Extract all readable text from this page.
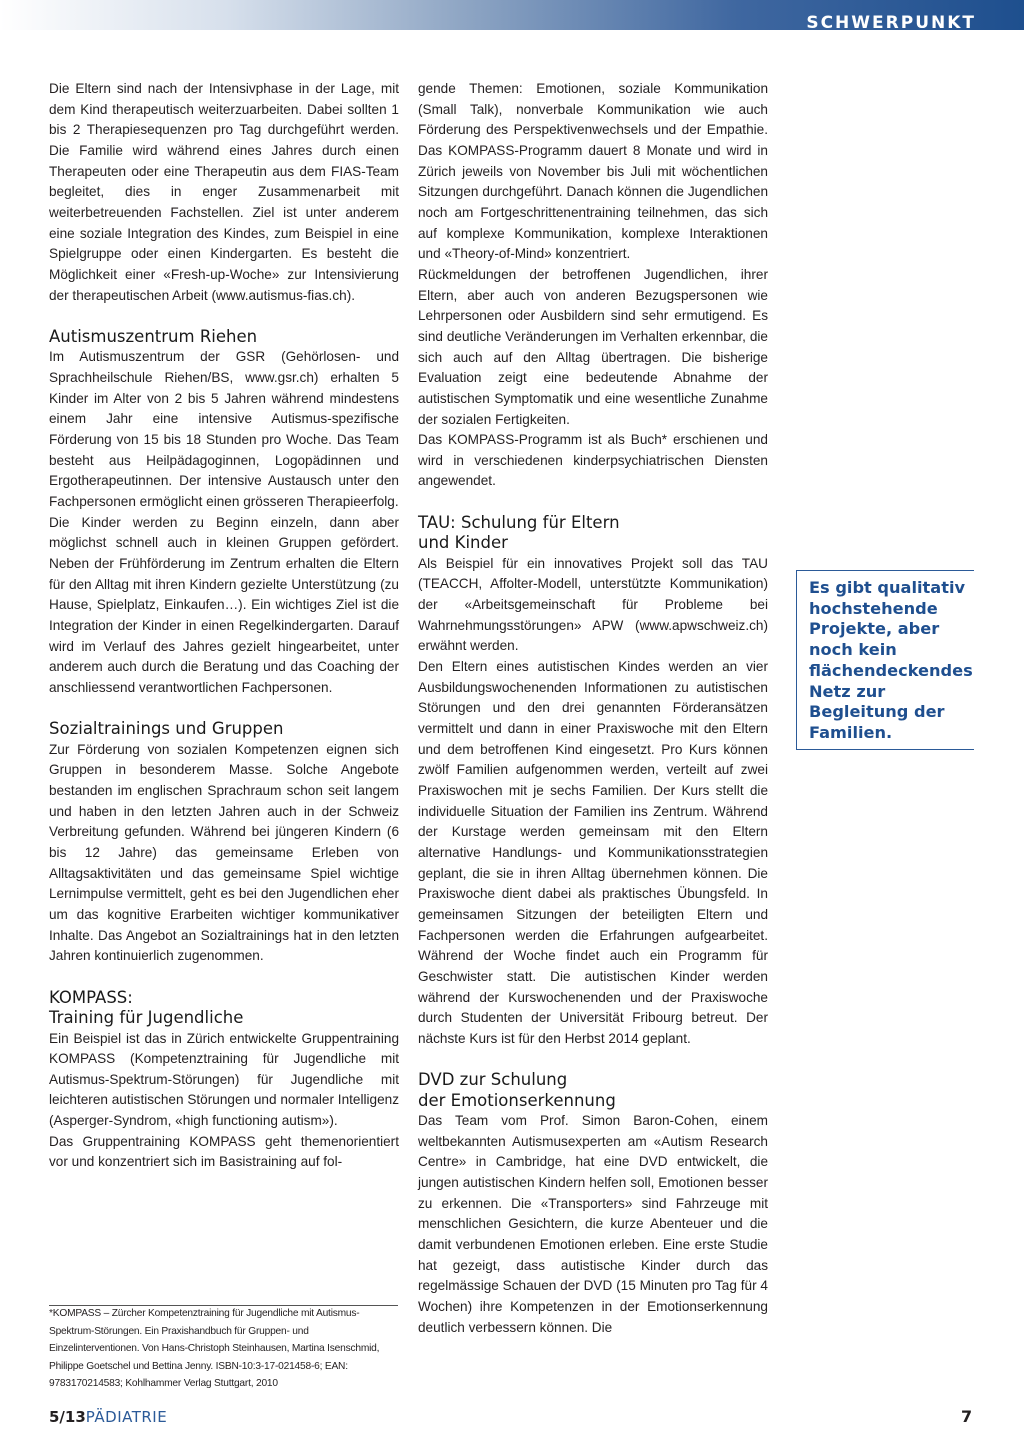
SCHWERPUNKT

Die Eltern sind nach der Intensivphase in der Lage, mit dem Kind therapeutisch weiterzuarbeiten. Dabei sollten 1 bis 2 Therapiesequenzen pro Tag durchgeführt werden. Die Familie wird während eines Jahres durch einen Therapeuten oder eine Therapeutin aus dem FIAS-Team begleitet, dies in enger Zusammenarbeit mit weiterbetreuenden Fachstellen. Ziel ist unter anderem eine soziale Integration des Kindes, zum Beispiel in eine Spielgruppe oder einen Kindergarten. Es besteht die Möglichkeit einer «Fresh-up-Woche» zur Intensivierung der therapeutischen Arbeit (www.autismus-fias.ch).

Autismuszentrum Riehen

Im Autismuszentrum der GSR (Gehörlosen- und Sprachheilschule Riehen/BS, www.gsr.ch) erhalten 5 Kinder im Alter von 2 bis 5 Jahren während mindestens einem Jahr eine intensive Autismus-spezifische Förderung von 15 bis 18 Stunden pro Woche. Das Team besteht aus Heilpädagoginnen, Logopädinnen und Ergotherapeutinnen. Der intensive Austausch unter den Fachpersonen ermöglicht einen grösseren Therapieerfolg.

Die Kinder werden zu Beginn einzeln, dann aber möglichst schnell auch in kleinen Gruppen gefördert. Neben der Frühförderung im Zentrum erhalten die Eltern für den Alltag mit ihren Kindern gezielte Unterstützung (zu Hause, Spielplatz, Einkaufen…). Ein wichtiges Ziel ist die Integration der Kinder in einen Regelkindergarten. Darauf wird im Verlauf des Jahres gezielt hingearbeitet, unter anderem auch durch die Beratung und das Coaching der anschliessend verantwortlichen Fachpersonen.

Sozialtrainings und Gruppen

Zur Förderung von sozialen Kompetenzen eignen sich Gruppen in besonderem Masse. Solche Angebote bestanden im englischen Sprachraum schon seit langem und haben in den letzten Jahren auch in der Schweiz Verbreitung gefunden. Während bei jüngeren Kindern (6 bis 12 Jahre) das gemeinsame Erleben von Alltagsaktivitäten und das gemeinsame Spiel wichtige Lernimpulse vermittelt, geht es bei den Jugendlichen eher um das kognitive Erarbeiten wichtiger kommunikativer Inhalte. Das Angebot an Sozialtrainings hat in den letzten Jahren kontinuierlich zugenommen.

KOMPASS:
Training für Jugendliche

Ein Beispiel ist das in Zürich entwickelte Gruppentraining KOMPASS (Kompetenztraining für Jugendliche mit Autismus-Spektrum-Störungen) für Jugendliche mit leichteren autistischen Störungen und normaler Intelligenz (Asperger-Syndrom, «high functioning autism»).

Das Gruppentraining KOMPASS geht themenorientiert vor und konzentriert sich im Basistraining auf fol-

*KOMPASS – Zürcher Kompetenztraining für Jugendliche mit Autismus-Spektrum-Störungen. Ein Praxishandbuch für Gruppen- und Einzelinterventionen. Von Hans-Christoph Steinhausen, Martina Isenschmid, Philippe Goetschel und Bettina Jenny. ISBN-10:3-17-021458-6; EAN: 9783170214583; Kohlhammer Verlag Stuttgart, 2010

gende Themen: Emotionen, soziale Kommunikation (Small Talk), nonverbale Kommunikation wie auch Förderung des Perspektivenwechsels und der Empathie. Das KOMPASS-Programm dauert 8 Monate und wird in Zürich jeweils von November bis Juli mit wöchentlichen Sitzungen durchgeführt. Danach können die Jugendlichen noch am Fortgeschrittenentraining teilnehmen, das sich auf komplexe Kommunikation, komplexe Interaktionen und «Theory-of-Mind» konzentriert.

Rückmeldungen der betroffenen Jugendlichen, ihrer Eltern, aber auch von anderen Bezugspersonen wie Lehrpersonen oder Ausbildern sind sehr ermutigend. Es sind deutliche Veränderungen im Verhalten erkennbar, die sich auch auf den Alltag übertragen. Die bisherige Evaluation zeigt eine bedeutende Abnahme der autistischen Symptomatik und eine wesentliche Zunahme der sozialen Fertigkeiten.

Das KOMPASS-Programm ist als Buch* erschienen und wird in verschiedenen kinderpsychiatrischen Diensten angewendet.

TAU: Schulung für Eltern
und Kinder

Als Beispiel für ein innovatives Projekt soll das TAU (TEACCH, Affolter-Modell, unterstützte Kommunikation) der «Arbeitsgemeinschaft für Probleme bei Wahrnehmungsstörungen» APW (www.apwschweiz.ch) erwähnt werden.

Den Eltern eines autistischen Kindes werden an vier Ausbildungswochenenden Informationen zu autistischen Störungen und den drei genannten Förderansätzen vermittelt und dann in einer Praxiswoche mit den Eltern und dem betroffenen Kind eingesetzt. Pro Kurs können zwölf Familien aufgenommen werden, verteilt auf zwei Praxiswochen mit je sechs Familien. Der Kurs stellt die individuelle Situation der Familien ins Zentrum. Während der Kurstage werden gemeinsam mit den Eltern alternative Handlungs- und Kommunikationsstrategien geplant, die sie in ihren Alltag übernehmen können. Die Praxiswoche dient dabei als praktisches Übungsfeld. In gemeinsamen Sitzungen der beteiligten Eltern und Fachpersonen werden die Erfahrungen aufgearbeitet. Während der Woche findet auch ein Programm für Geschwister statt. Die autistischen Kinder werden während der Kurswochenenden und der Praxiswoche durch Studenten der Universität Fribourg betreut. Der nächste Kurs ist für den Herbst 2014 geplant.

DVD zur Schulung
der Emotionserkennung

Das Team vom Prof. Simon Baron-Cohen, einem weltbekannten Autismusexperten am «Autism Research Centre» in Cambridge, hat eine DVD entwickelt, die jungen autistischen Kindern helfen soll, Emotionen besser zu erkennen. Die «Transporters» sind Fahrzeuge mit menschlichen Gesichtern, die kurze Abenteuer und die damit verbundenen Emotionen erleben. Eine erste Studie hat gezeigt, dass autistische Kinder durch das regelmässige Schauen der DVD (15 Minuten pro Tag für 4 Wochen) ihre Kompetenzen in der Emotionserkennung deutlich verbessern können. Die

Es gibt qualitativ hochstehende Projekte, aber noch kein flächendeckendes Netz zur Begleitung der Familien.
5/13PÄDIATRIE	7
